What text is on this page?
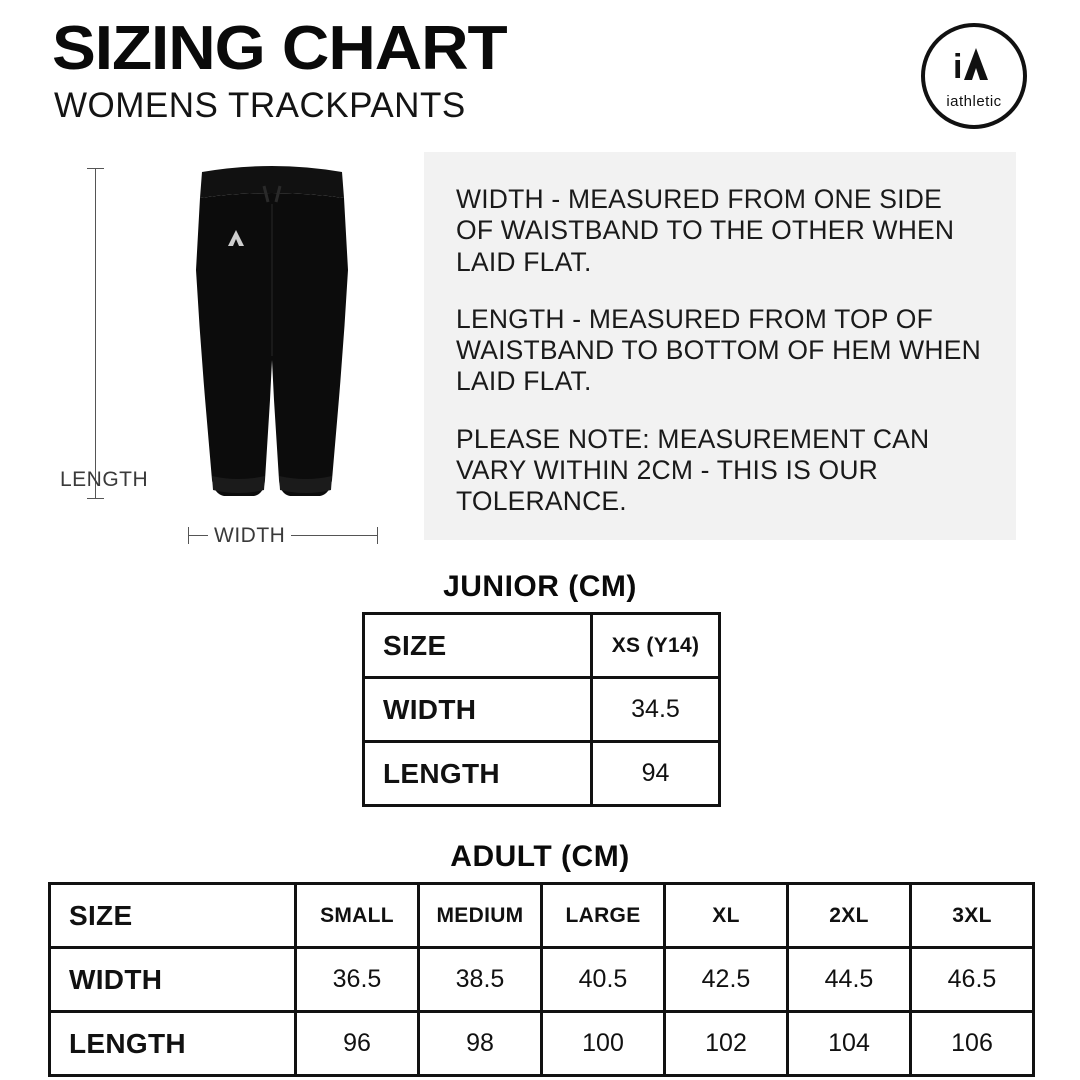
SIZING CHART
WOMENS TRACKPANTS
i
iathletic
LENGTH
WIDTH

WIDTH - MEASURED FROM ONE SIDE OF WAISTBAND TO THE OTHER WHEN LAID FLAT.

LENGTH - MEASURED FROM TOP OF WAISTBAND TO BOTTOM OF HEM WHEN LAID FLAT.

PLEASE NOTE: MEASUREMENT CAN VARY WITHIN 2CM - THIS IS OUR TOLERANCE.

JUNIOR (CM)
SIZE	XS (Y14)
WIDTH	34.5
LENGTH	94
ADULT (CM)
SIZE	SMALL	MEDIUM	LARGE	XL	2XL	3XL
WIDTH	36.5	38.5	40.5	42.5	44.5	46.5
LENGTH	96	98	100	102	104	106
